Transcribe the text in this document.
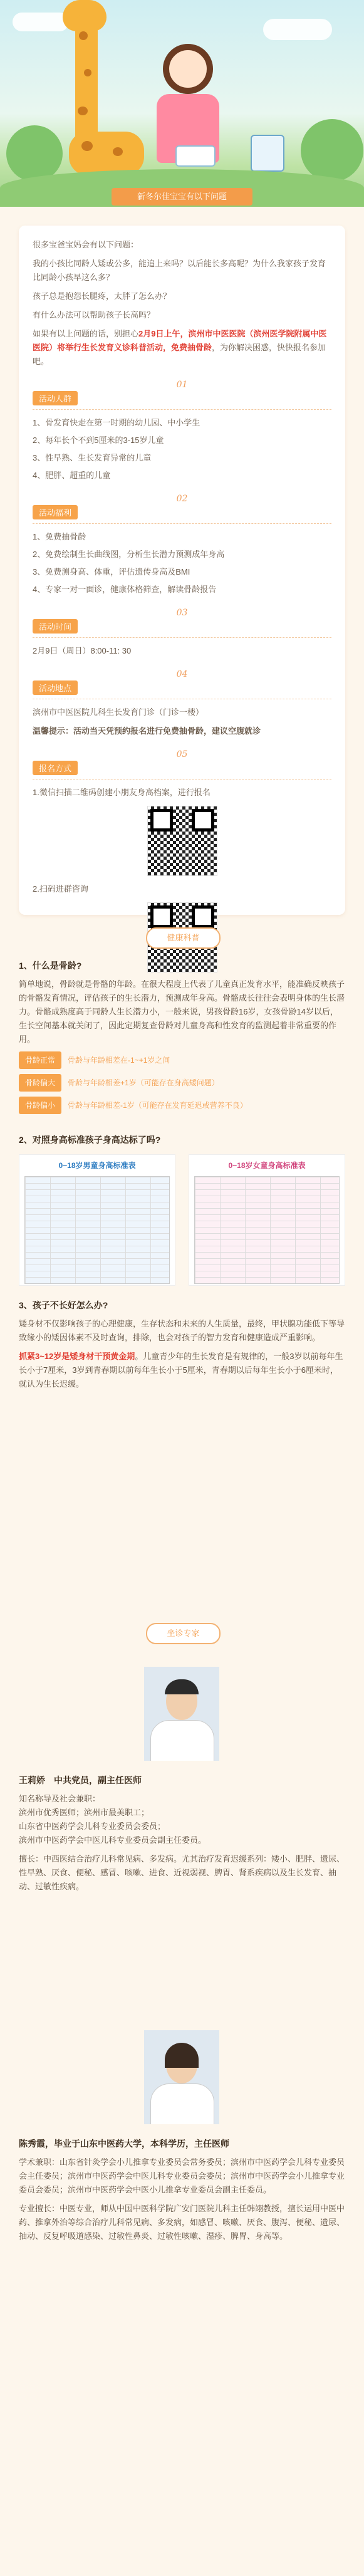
新冬尔佳宝宝有以下问题

很多宝爸宝妈会有以下问题：

我的小孩比同龄人矮或公多，能追上来吗？以后能长多高呢？为什么我家孩子发育比同龄小孩早这么多？

孩子总是抱怨长腿疼，太胖了怎么办？

有什么办法可以帮助孩子长高吗？

如果有以上问题的话，别担心2月9日上午，滨州市中医医院（滨州医学院附属中医医院）将举行生长发育义诊科普活动，免费抽骨龄，为你解决困惑，快快报名参加吧。

01
活动人群

1、骨发育快走在第一时期的幼儿园、中小学生

2、每年长个不到5厘米的3-15岁儿童

3、性早熟、生长发育异常的儿童

4、肥胖、超重的儿童

02
活动福利

1、免费抽骨龄

2、免费绘制生长曲线图，分析生长潜力预测成年身高

3、免费测身高、体重，评估遗传身高及BMI

4、专家一对一面诊，健康体格筛查，解读骨龄报告

03
活动时间

2月9日（周日）8:00-11: 30

04
活动地点

滨州市中医医院儿科生长发育门诊（门诊一楼）

温馨提示：活动当天凭预约报名进行免费抽骨龄，建议空腹就诊

05
报名方式

1.微信扫描二维码创建小朋友身高档案，进行报名

2.扫码进群咨询

健康科普
1、什么是骨龄?

简单地说，骨龄就是骨骼的年龄。在很大程度上代表了儿童真正发育水平，能准确反映孩子的骨骼发育情况，评估孩子的生长潜力，预测成年身高。骨骼成长往往会表明身体的生长潜力。骨骼成熟度高于同龄人生长潜力小，一般来说，男孩骨龄16岁，女孩骨龄14岁以后，生长空间基本就关闭了，因此定期复查骨龄对儿童身高和性发育的监测起着非常重要的作用。

骨龄正常	骨龄与年龄相差在-1~+1岁之间
骨龄偏大	骨龄与年龄相差+1岁（可能存在身高矮问题）
骨龄偏小	骨龄与年龄相差-1岁（可能存在发育延迟或营养不良）
2、对照身高标准孩子身高达标了吗?
0~18岁男童身高标准表	0~18岁女童身高标准表
3、孩子不长好怎么办?

矮身材不仅影响孩子的心理健康，生存状态和未来的人生质量，最终，甲状腺功能低下等导致缘小的矮因体素不及时查询，排除，也会对孩子的智力发育和健康造成严重影响。

抓紧3~12岁是矮身材干预黄金期。儿童青少年的生长发育是有规律的，一般3岁以前每年生长小于7厘米，3岁到青春期以前每年生长小于5厘米，青春期以后每年生长小于6厘米时，就认为生长迟缓。

坐诊专家
王莉娇　中共党员，副主任医师

知名称导及社会兼职：

滨州市优秀医师；滨州市最美职工；

山东省中医药学会儿科专业委员会委员；

滨州市中医药学会中医儿科专业委员会副主任委员。

擅长：中西医结合治疗儿科常见病、多发病。尤其治疗发育迟缓系列：矮小、肥胖、遗尿、性早熟、厌食、便秘、感冒、咳嗽、进食、近视弱视、脾胃、肾系疾病以及生长发育、抽动、过敏性疾病。

陈秀霞，毕业于山东中医药大学，本科学历，主任医师

学术兼职：山东省针灸学会小儿推拿专业委员会常务委员；滨州市中医药学会儿科专业委员会主任委员；滨州市中医药学会中医儿科专业委员会委员；滨州市中医药学会小儿推拿专业委员会委员；滨州市中医药学会中医小儿推拿专业委员会副主任委员。

专业擅长：中医专业，师从中国中医科学院广安门医院儿科主任韩翊教授，擅长运用中医中药、推拿外治等综合治疗儿科常见病、多发病，如感冒、咳嗽、厌食、腹泻、便秘、遗尿、抽动、反复呼吸道感染、过敏性鼻炎、过敏性咳嗽、湿疹、脾胃、身高等。
